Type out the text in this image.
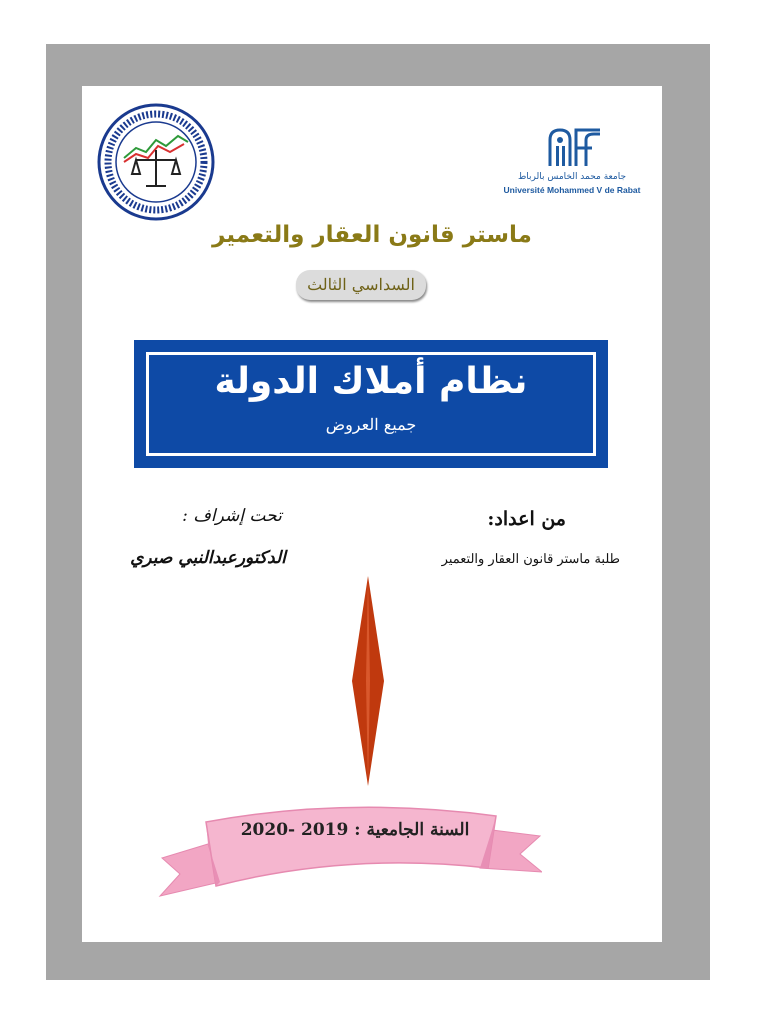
جامعة محمد الخامس بالرباط
Université Mohammed V de Rabat
ماستر قانون العقار والتعمير
السداسي الثالث
نظام أملاك الدولة
جميع العروض
من اعداد:
طلبة ماستر قانون العقار والتعمير
تحت إشراف :
الدكتورعبدالنبي صبري
السنة الجامعية : 2019 -2020
